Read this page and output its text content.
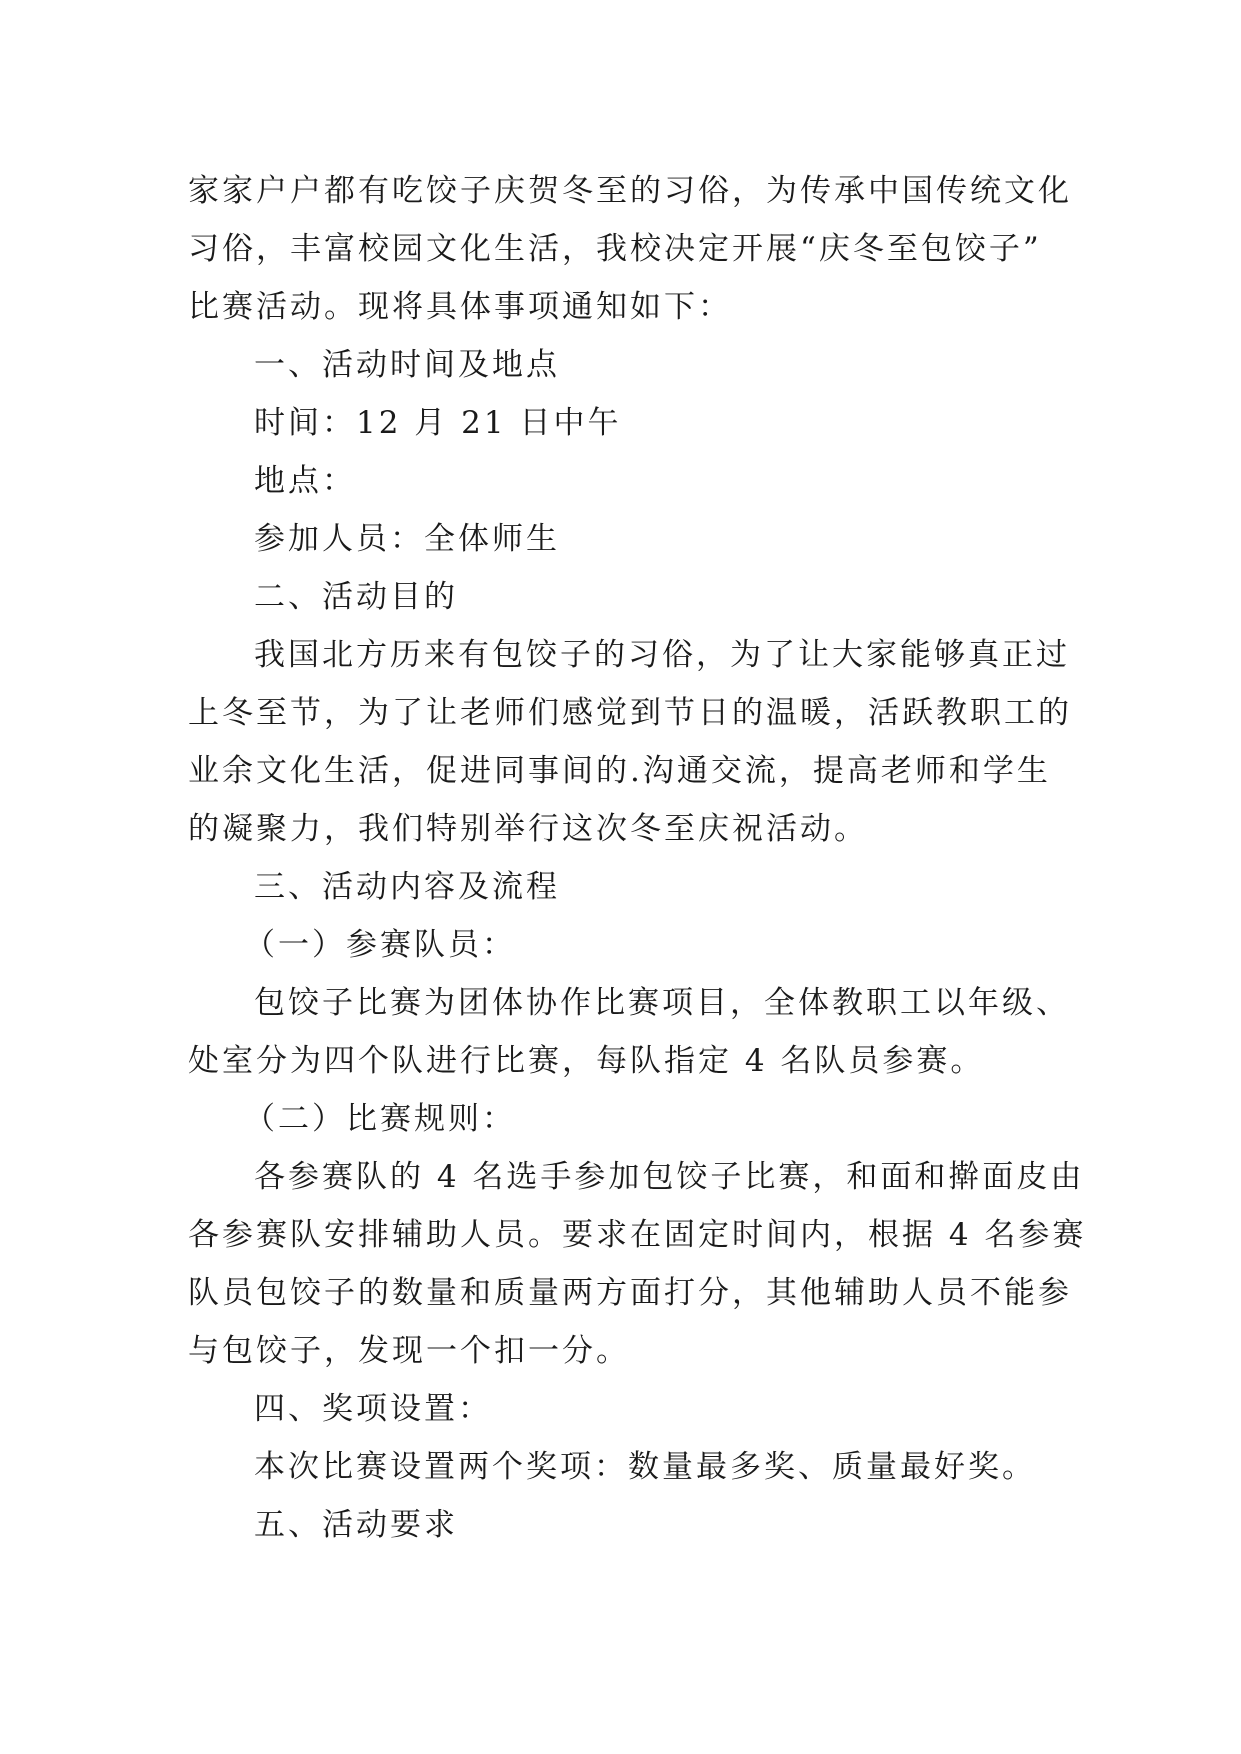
家家户户都有吃饺子庆贺冬至的习俗，为传承中国传统文化
习俗，丰富校园文化生活，我校决定开展“庆冬至包饺子”
比赛活动。现将具体事项通知如下：
一、活动时间及地点
时间：12 月 21 日中午
地点：
参加人员：全体师生
二、活动目的
我国北方历来有包饺子的习俗，为了让大家能够真正过
上冬至节，为了让老师们感觉到节日的温暖，活跃教职工的
业余文化生活，促进同事间的.沟通交流，提高老师和学生
的凝聚力，我们特别举行这次冬至庆祝活动。
三、活动内容及流程
（一）参赛队员：
包饺子比赛为团体协作比赛项目，全体教职工以年级、
处室分为四个队进行比赛，每队指定 4 名队员参赛。
（二）比赛规则：
各参赛队的 4 名选手参加包饺子比赛，和面和擀面皮由
各参赛队安排辅助人员。要求在固定时间内，根据 4 名参赛
队员包饺子的数量和质量两方面打分，其他辅助人员不能参
与包饺子，发现一个扣一分。
四、奖项设置：
本次比赛设置两个奖项：数量最多奖、质量最好奖。
五、活动要求
